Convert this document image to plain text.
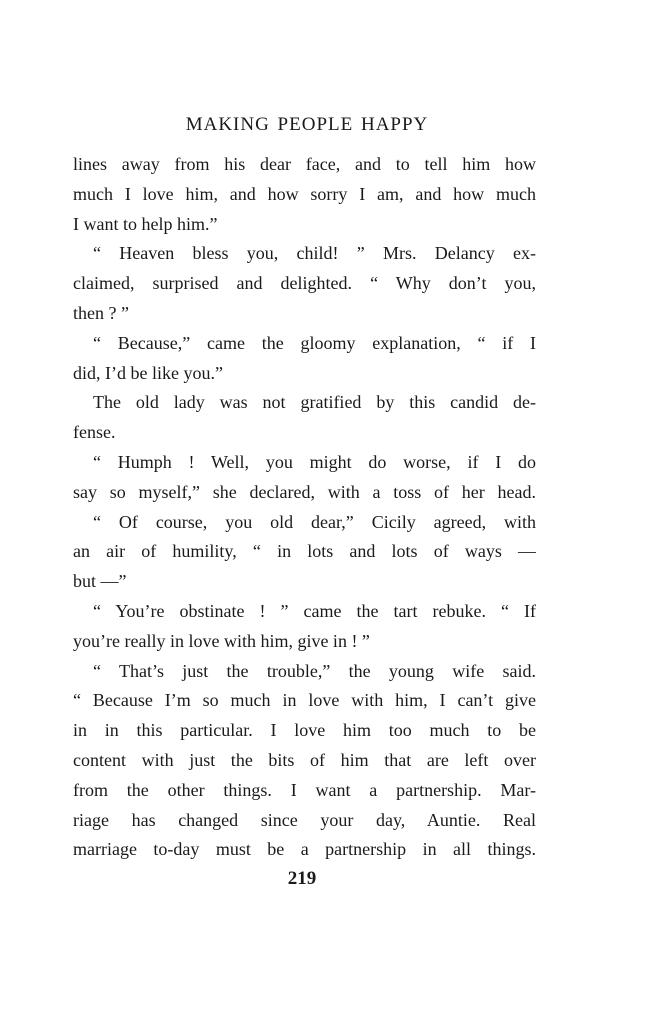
MAKING PEOPLE HAPPY
lines away from his dear face, and to tell him how
much I love him, and how sorry I am, and how much
I want to help him.”
“ Heaven bless you, child! ” Mrs. Delancy ex-
claimed, surprised and delighted. “ Why don’t you,
then ? ”
“ Because,” came the gloomy explanation, “ if I
did, I’d be like you.”
The old lady was not gratified by this candid de-
fense.
“ Humph ! Well, you might do worse, if I do
say so myself,” she declared, with a toss of her head.
“ Of course, you old dear,” Cicily agreed, with
an air of humility, “ in lots and lots of ways —
but —”
“ You’re obstinate ! ” came the tart rebuke. “ If
you’re really in love with him, give in ! ”
“ That’s just the trouble,” the young wife said.
“ Because I’m so much in love with him, I can’t give
in in this particular. I love him too much to be
content with just the bits of him that are left over
from the other things. I want a partnership. Mar-
riage has changed since your day, Auntie. Real
marriage to-day must be a partnership in all things.
219
